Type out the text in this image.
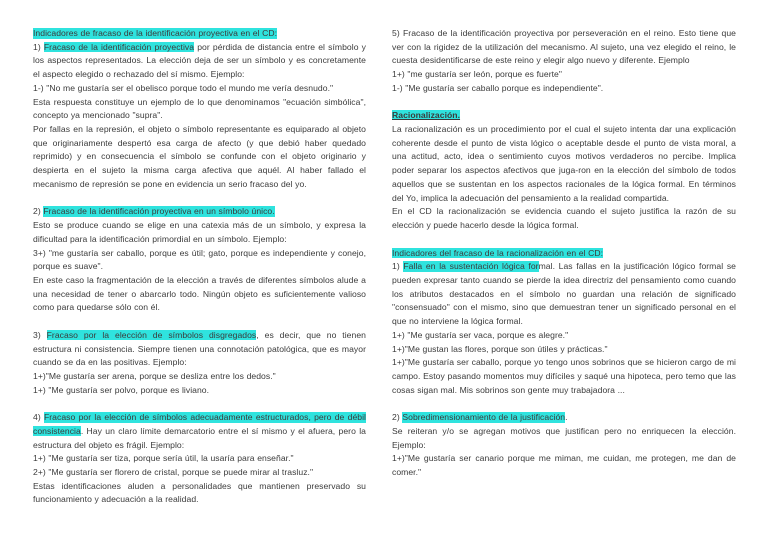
Indicadores de fracaso de la identificación proyectiva en el CD:

1) Fracaso de la identificación proyectiva por pérdida de distancia entre el símbolo y los aspectos representados. La elección deja de ser un símbolo y es concretamente el aspecto elegido o rechazado del sí mismo. Ejemplo:

1-) "No me gustaría ser el obelisco porque todo el mundo me vería desnudo."

Esta respuesta constituye un ejemplo de lo que denominamos "ecuación simbólica", concepto ya mencionado "supra".

Por fallas en la represión, el objeto o símbolo representante es equiparado al objeto que originariamente despertó esa carga de afecto (y que debió haber quedado reprimido) y en consecuencia el símbolo se confunde con el objeto originario y despierta en el sujeto la misma carga afectiva que aquél. Al haber fallado el mecanismo de represión se pone en evidencia un serio fracaso del yo.

2) Fracaso de la identificación proyectiva en un símbolo único.

Esto se produce cuando se elige en una catexia más de un símbolo, y expresa la dificultad para la identificación primordial en un símbolo. Ejemplo:

3+) "me gustaría ser caballo, porque es útil; gato, porque es independiente y conejo, porque es suave".

En este caso la fragmentación de la elección a través de diferentes símbolos alude a una necesidad de tener o abarcarlo todo. Ningún objeto es suficientemente valioso como para quedarse sólo con él.

3) Fracaso por la elección de símbolos disgregados, es decir, que no tienen estructura ni consistencia. Siempre tienen una connotación patológica, que es mayor cuando se da en las positivas. Ejemplo:

1+)"Me gustaría ser arena, porque se desliza entre los dedos."

1+) "Me gustaría ser polvo, porque es liviano.

4) Fracaso por la elección de símbolos adecuadamente estructurados, pero de débil consistencia. Hay un claro límite demarcatorio entre el sí mismo y el afuera, pero la estructura del objeto es frágil. Ejemplo:

1+) "Me gustaría ser tiza, porque sería útil, la usaría para enseñar."

2+) "Me gustaría ser florero de cristal, porque se puede mirar al trasluz."

Estas identificaciones aluden a personalidades que mantienen preservado su funcionamiento y adecuación a la realidad.

5) Fracaso de la identificación proyectiva por perseveración en el reino. Esto tiene que ver con la rigidez de la utilización del mecanismo. Al sujeto, una vez elegido el reino, le cuesta desidentificarse de este reino y elegir algo nuevo y diferente. Ejemplo

1+) "me gustaría ser león, porque es fuerte"

1-) "Me gustaría ser caballo porque es independiente".

Racionalización.

La racionalización es un procedimiento por el cual el sujeto intenta dar una explicación coherente desde el punto de vista lógico o aceptable desde el punto de vista moral, a una actitud, acto, idea o sentimiento cuyos motivos verdaderos no percibe. Implica poder separar los aspectos afectivos que juga-ron en la elección del símbolo de todos aquellos que se sustentan en los aspectos racionales de la lógica formal. En términos del Yo, implica la adecuación del pensamiento a la realidad compartida.

En el CD la racionalización se evidencia cuando el sujeto justifica la razón de su elección y puede hacerlo desde la lógica formal.

Indicadores del fracaso de la racionalización en el CD:

1) Falla en la sustentación lógica formal. Las fallas en la justificación lógico formal se pueden expresar tanto cuando se pierde la idea directriz del pensamiento como cuando los atributos destacados en el símbolo no guardan una relación de significado "consensuado" con el mismo, sino que demuestran tener un significado personal en el que no interviene la lógica formal.

1+) "Me gustaría ser vaca, porque es alegre."

1+)"Me gustan las flores, porque son útiles y prácticas."

1+)"Me gustaría ser caballo, porque yo tengo unos sobrinos que se hicieron cargo de mi campo. Estoy pasando momentos muy difíciles y saqué una hipoteca, pero temo que las cosas sigan mal. Mis sobrinos son gente muy trabajadora ...

2) Sobredimensionamiento de la justificación.

Se reiteran y/o se agregan motivos que justifican pero no enriquecen la elección. Ejemplo:

1+)"Me gustaría ser canario porque me miman, me cuidan, me protegen, me dan de comer."
